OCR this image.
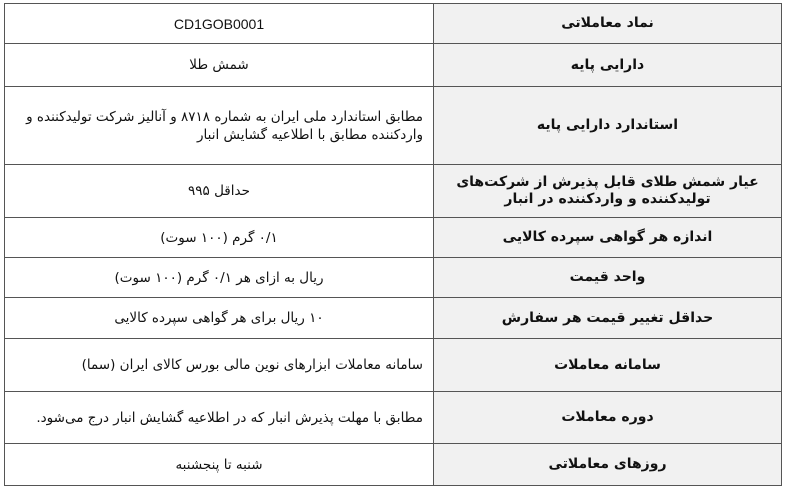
CD1GOB0001	نماد معاملاتی
شمش طلا	دارایی پایه
مطابق استاندارد ملی ایران به شماره ۸۷۱۸ و آنالیز شرکت تولیدکننده و واردکننده مطابق با اطلاعیه گشایش انبار	استاندارد دارایی پایه
حداقل ۹۹۵	عیار شمش طلای قابل پذیرش از شرکت‌های تولیدکننده و واردکننده در انبار
۰/۱ گرم (۱۰۰ سوت)	اندازه هر گواهی سپرده کالایی
ریال به ازای هر ۰/۱ گرم (۱۰۰ سوت)	واحد قیمت
۱۰ ریال برای هر گواهی سپرده کالایی	حداقل تغییر قیمت هر سفارش
سامانه معاملات ابزارهای نوین مالی بورس کالای ایران (سما)	سامانه معاملات
مطابق با مهلت پذیرش انبار که در اطلاعیه گشایش انبار درج می‌شود.	دوره معاملات
شنبه تا پنجشنبه	روزهای معاملاتی
